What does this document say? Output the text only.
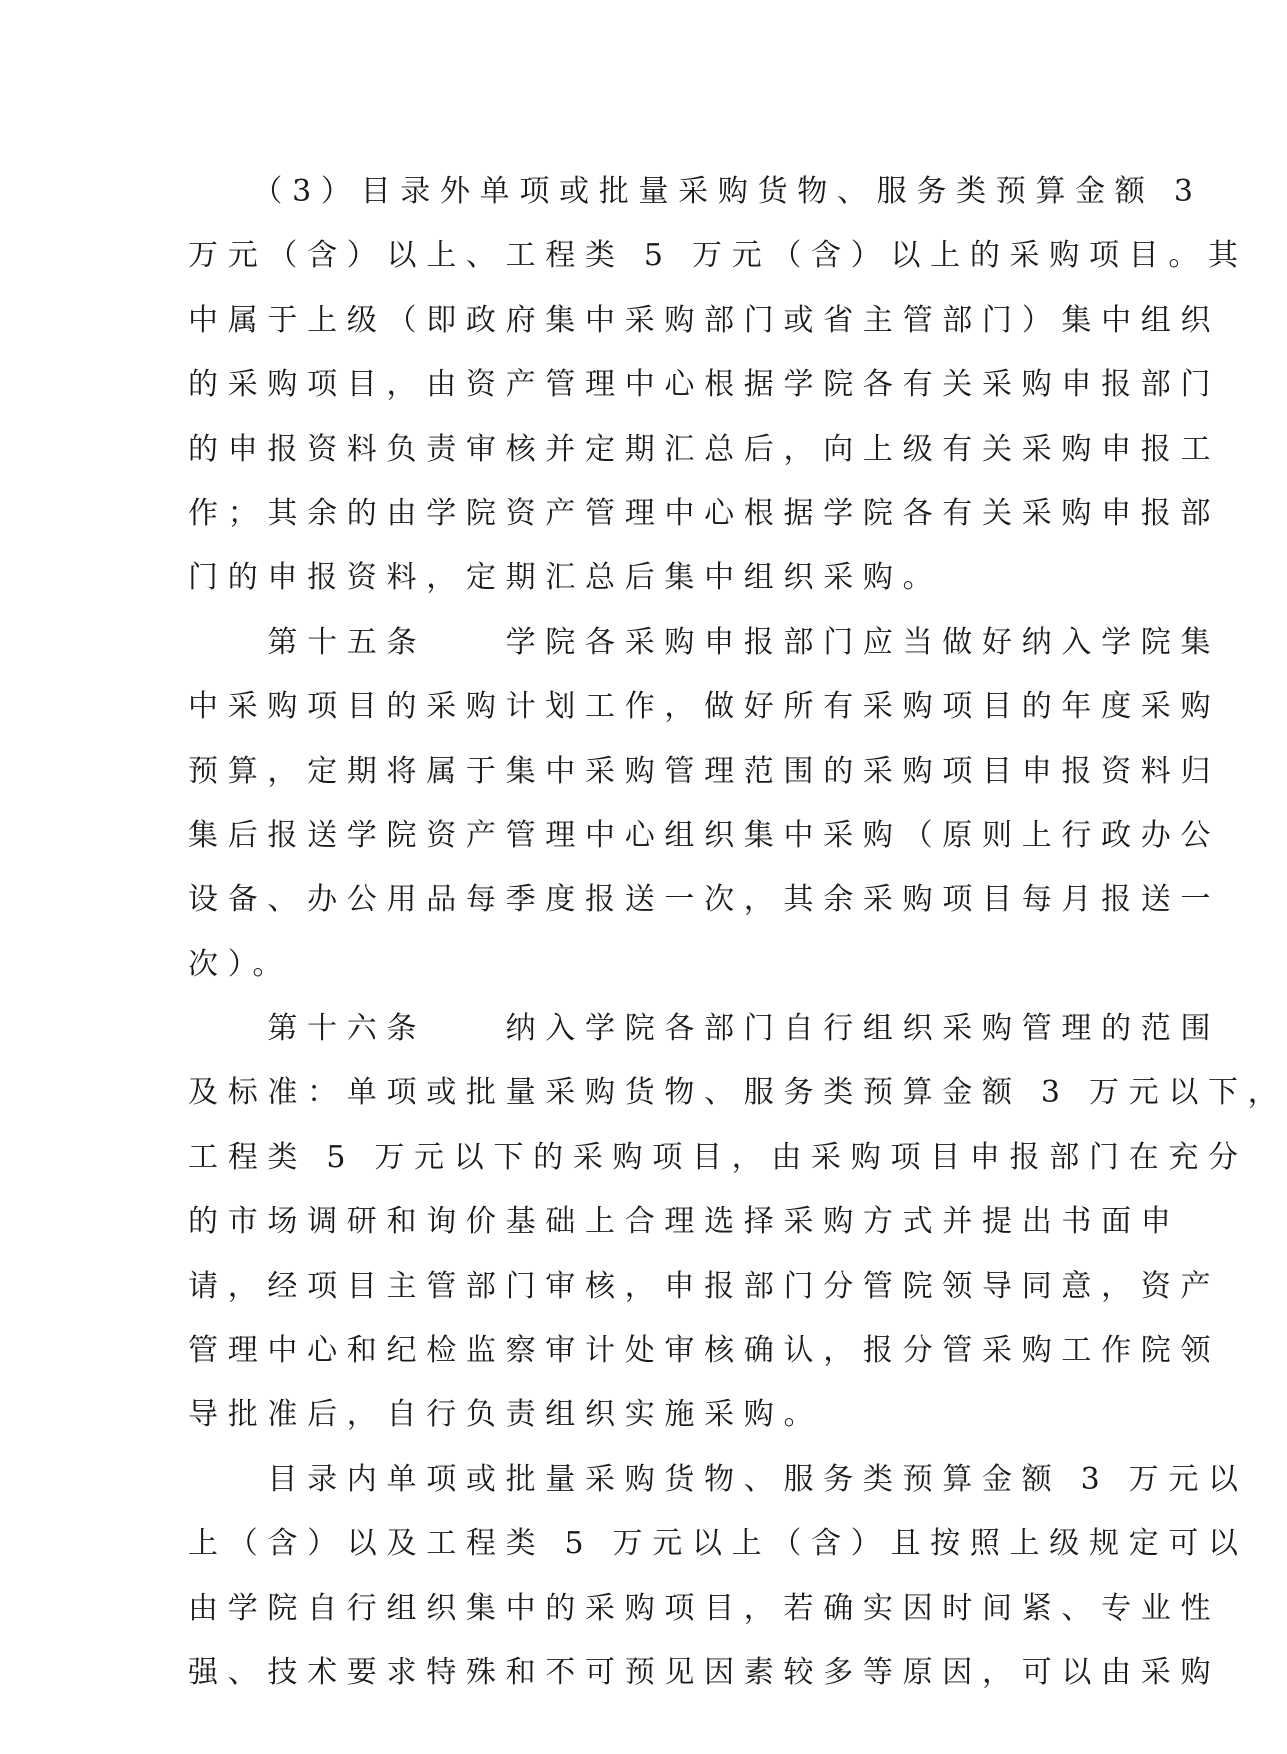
　　（3）目录外单项或批量采购货物、服务类预算金额 3
万元（含）以上、工程类 5 万元（含）以上的采购项目。其
中属于上级（即政府集中采购部门或省主管部门）集中组织
的采购项目，由资产管理中心根据学院各有关采购申报部门
的申报资料负责审核并定期汇总后，向上级有关采购申报工
作；其余的由学院资产管理中心根据学院各有关采购申报部
门的申报资料，定期汇总后集中组织采购。
　　第十五条　　学院各采购申报部门应当做好纳入学院集
中采购项目的采购计划工作，做好所有采购项目的年度采购
预算，定期将属于集中采购管理范围的采购项目申报资料归
集后报送学院资产管理中心组织集中采购（原则上行政办公
设备、办公用品每季度报送一次，其余采购项目每月报送一
次）。
　　第十六条　　纳入学院各部门自行组织采购管理的范围
及标准：单项或批量采购货物、服务类预算金额 3 万元以下，
工程类 5 万元以下的采购项目，由采购项目申报部门在充分
的市场调研和询价基础上合理选择采购方式并提出书面申
请，经项目主管部门审核，申报部门分管院领导同意，资产
管理中心和纪检监察审计处审核确认，报分管采购工作院领
导批准后，自行负责组织实施采购。
　　目录内单项或批量采购货物、服务类预算金额 3 万元以
上（含）以及工程类 5 万元以上（含）且按照上级规定可以
由学院自行组织集中的采购项目，若确实因时间紧、专业性
强、技术要求特殊和不可预见因素较多等原因，可以由采购
